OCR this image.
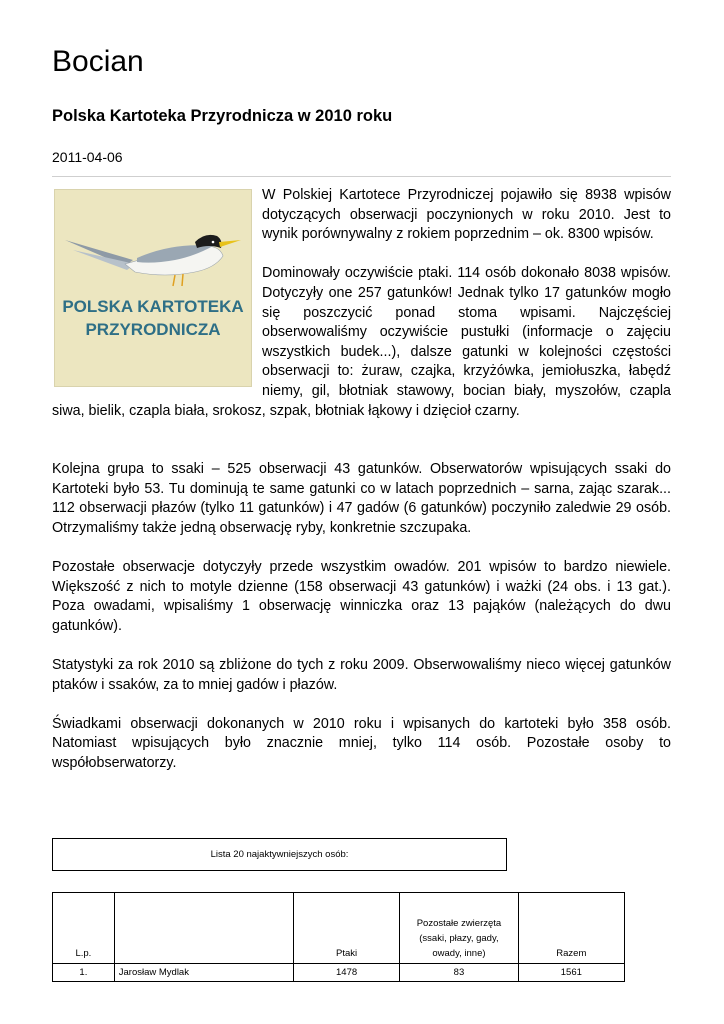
Bocian
Polska Kartoteka Przyrodnicza w 2010 roku
2011-04-06
POLSKA KARTOTEKA
PRZYRODNICZA

W Polskiej Kartotece Przyrodniczej pojawiło się 8938 wpisów dotyczących obserwacji poczynionych w roku 2010. Jest to wynik porównywalny z rokiem poprzednim – ok. 8300 wpisów.

Dominowały oczywiście ptaki. 114 osób dokonało 8038 wpisów. Dotyczyły one 257 gatunków! Jednak tylko 17 gatunków mogło się poszczycić ponad stoma wpisami. Najczęściej obserwowaliśmy oczywiście pustułki (informacje o zajęciu wszystkich budek...), dalsze gatunki w kolejności częstości obserwacji to: żuraw, czajka, krzyżówka, jemiołuszka, łabędź niemy, gil, błotniak stawowy, bocian biały, myszołów, czapla siwa, bielik, czapla biała, srokosz, szpak, błotniak łąkowy i dzięcioł czarny.

Kolejna grupa to ssaki – 525 obserwacji 43 gatunków. Obserwatorów wpisujących ssaki do Kartoteki było 53. Tu dominują te same gatunki co w latach poprzednich – sarna, zając szarak... 112 obserwacji płazów (tylko 11 gatunków) i 47 gadów (6 gatunków) poczyniło zaledwie 29 osób. Otrzymaliśmy także jedną obserwację ryby, konkretnie szczupaka.

Pozostałe obserwacje dotyczyły przede wszystkim owadów. 201 wpisów to bardzo niewiele. Większość z nich to motyle dzienne (158 obserwacji 43 gatunków) i ważki (24 obs. i 13 gat.). Poza owadami, wpisaliśmy 1 obserwację winniczka oraz 13 pająków (należących do dwu gatunków).

Statystyki za rok 2010 są zbliżone do tych z roku 2009. Obserwowaliśmy nieco więcej gatunków ptaków i ssaków, za to mniej gadów i płazów.

Świadkami obserwacji dokonanych w 2010 roku i wpisanych do kartoteki było 358 osób. Natomiast wpisujących było znacznie mniej, tylko 114 osób. Pozostałe osoby to współobserwatorzy.

Lista 20 najaktywniejszych osób:
L.p.		Ptaki	Pozostałe zwierzęta (ssaki, płazy, gady, owady, inne)	Razem
1.	Jarosław Mydlak	1478	83	1561
